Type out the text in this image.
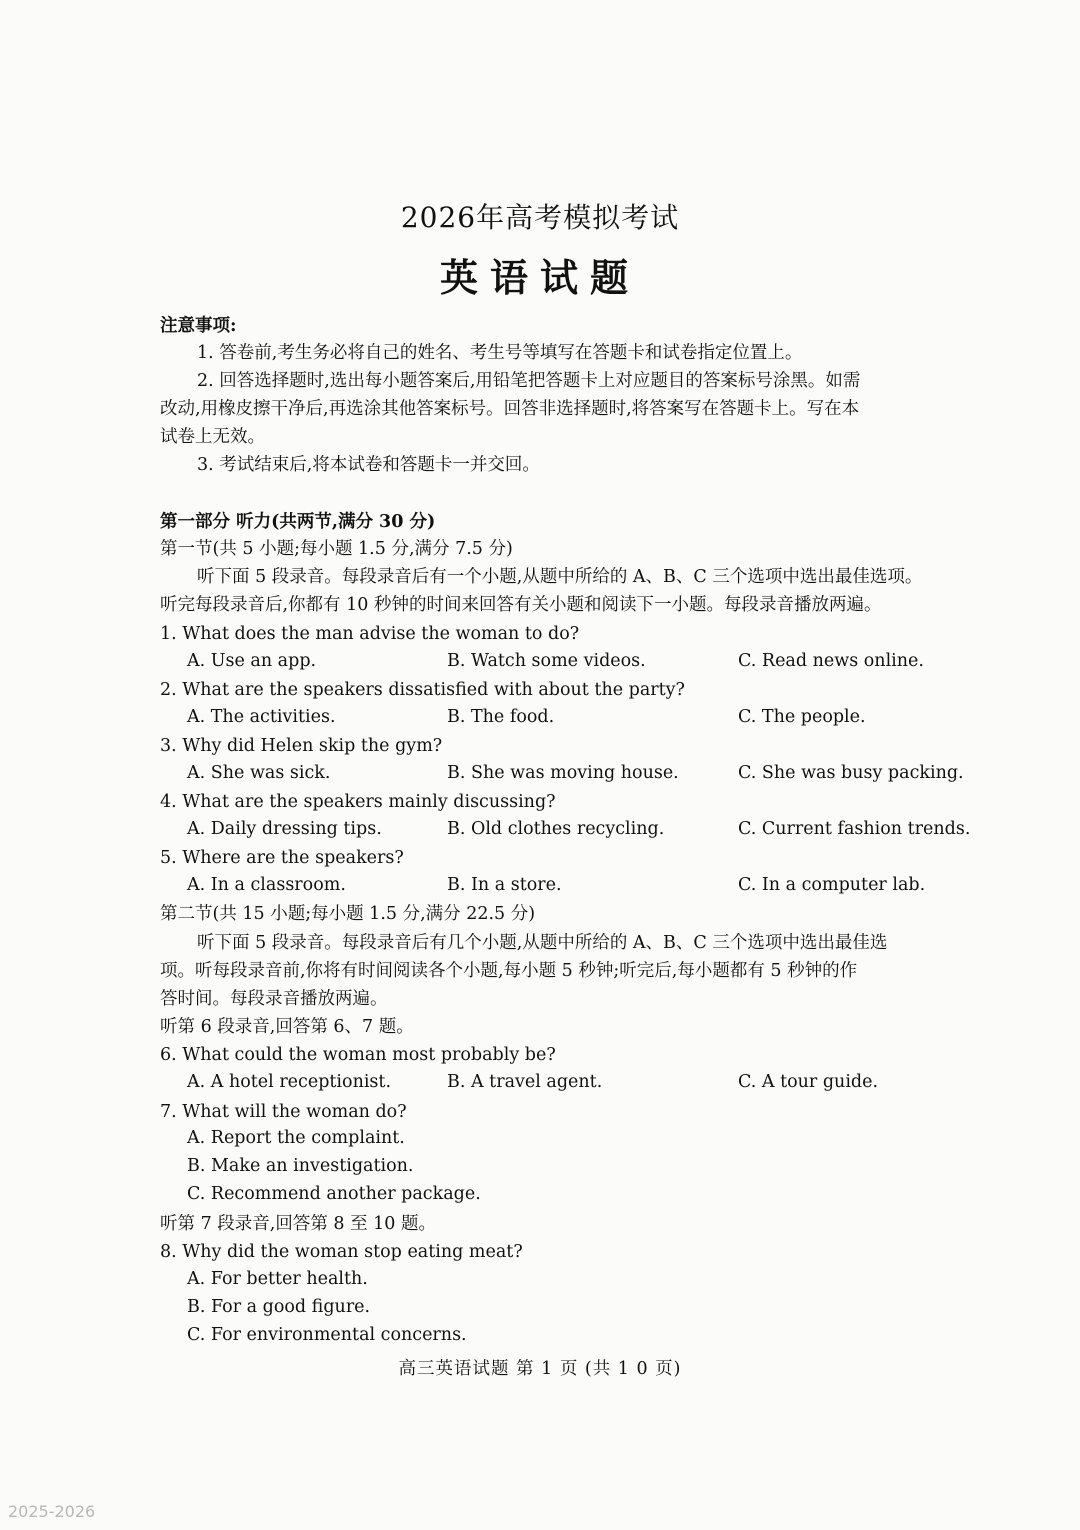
2026年高考模拟考试
英语试题
注意事项:
1. 答卷前,考生务必将自己的姓名、考生号等填写在答题卡和试卷指定位置上。
2. 回答选择题时,选出每小题答案后,用铅笔把答题卡上对应题目的答案标号涂黑。如需
改动,用橡皮擦干净后,再选涂其他答案标号。回答非选择题时,将答案写在答题卡上。写在本
试卷上无效。
3. 考试结束后,将本试卷和答题卡一并交回。
第一部分 听力(共两节,满分 30 分)
第一节(共 5 小题;每小题 1.5 分,满分 7.5 分)
听下面 5 段录音。每段录音后有一个小题,从题中所给的 A、B、C 三个选项中选出最佳选项。
听完每段录音后,你都有 10 秒钟的时间来回答有关小题和阅读下一小题。每段录音播放两遍。
1. What does the man advise the woman to do?
A. Use an app.	B. Watch some videos.	C. Read news online.
2. What are the speakers dissatisfied with about the party?
A. The activities.	B. The food.	C. The people.
3. Why did Helen skip the gym?
A. She was sick.	B. She was moving house.	C. She was busy packing.
4. What are the speakers mainly discussing?
A. Daily dressing tips.	B. Old clothes recycling.	C. Current fashion trends.
5. Where are the speakers?
A. In a classroom.	B. In a store.	C. In a computer lab.
第二节(共 15 小题;每小题 1.5 分,满分 22.5 分)
听下面 5 段录音。每段录音后有几个小题,从题中所给的 A、B、C 三个选项中选出最佳选
项。听每段录音前,你将有时间阅读各个小题,每小题 5 秒钟;听完后,每小题都有 5 秒钟的作
答时间。每段录音播放两遍。
听第 6 段录音,回答第 6、7 题。
6. What could the woman most probably be?
A. A hotel receptionist.	B. A travel agent.	C. A tour guide.
7. What will the woman do?
A. Report the complaint.
B. Make an investigation.
C. Recommend another package.
听第 7 段录音,回答第 8 至 10 题。
8. Why did the woman stop eating meat?
A. For better health.
B. For a good figure.
C. For environmental concerns.
高三英语试题 第 1 页 (共 1 0 页)
2025-2026
